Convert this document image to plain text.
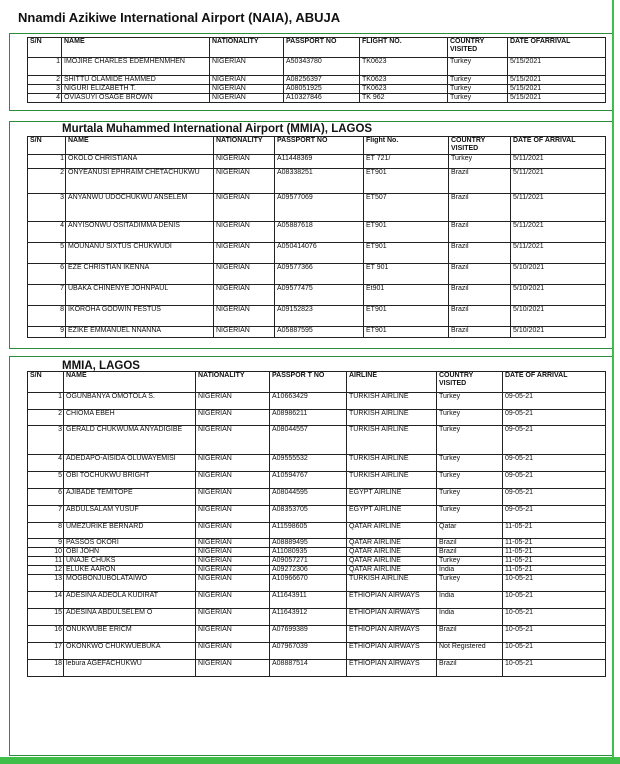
Nnamdi Azikiwe International Airport (NAIA), ABUJA
Murtala Muhammed International Airport (MMIA), LAGOS
MMIA, LAGOS
S/N	NAME	NATIONALITY	PASSPORT NO	FLIGHT NO.	COUNTRY VISITED	DATE OFARRIVAL
1	IMOJIRE CHARLES EDEMHENMHEN	NIGERIAN	A50343780	TK0623	Turkey	5/15/2021
2	SHITTU OLAMIDE HAMMED	NIGERIAN	A08256397	TK0623	Turkey	5/15/2021
3	NIGURI ELIZABETH T.	NIGERIAN	A08051925	TK0623	Turkey	5/15/2021
4	OVIASUYI OSAGE BROWN	NIGERIAN	A10327846	TK 962	Turkey	5/15/2021
S/N	NAME	NATIONALITY	PASSPORT NO	Flight No.	COUNTRY VISITED	DATE OF ARRIVAL
1	OKOLO CHRISTIANA	NIGERIAN	A11448369	ET 721/	Turkey	5/11/2021
2	ONYEANUSI EPHRAIM CHETACHUKWU	NIGERIAN	A08338251	ET901	Brazil	5/11/2021
3	ANYANWU UDOCHUKWU ANSELEM	NIGERIAN	A09577069	ET507	Brazil	5/11/2021
4	ANYISONWU OSITADIMMA DENIS	NIGERIAN	A05887618	ET901	Brazil	5/11/2021
5	MOUNANU SIXTUS CHUKWUDI	NIGERIAN	A050414076	ET901	Brazil	5/11/2021
6	EZE CHRISTIAN IKENNA	NIGERIAN	A09577366	ET 901	Brazil	5/10/2021
7	UBAKA CHINENYE JOHNPAUL	NIGERIAN	A09577475	Et901	Brazil	5/10/2021
8	IKOROHA GODWIN FESTUS	NIGERIAN	A09152823	ET901	Brazil	5/10/2021
9	EZIKE EMMANUEL NNANNA	NIGERIAN	A05887595	ET901	Brazil	5/10/2021
S/N	NAME	NATIONALITY	PASSPOR T NO	AIRLINE	COUNTRY VISITED	DATE OF ARRIVAL
1	OGUNBANYA OMOTOLA S.	NIGERIAN	A10663429	TURKISH AIRLINE	Turkey	09-05-21
2	CHIOMA EBEH	NIGERIAN	A08986211	TURKISH AIRLINE	Turkey	09-05-21
3	GERALD CHUKWUMA ANYADIGIBE	NIGERIAN	A08044557	TURKISH AIRLINE	Turkey	09-05-21
4	ADEDAPO-AISIDA OLUWAYEMISI	NIGERIAN	A09555532	TURKISH AIRLINE	Turkey	09-05-21
5	OBI TOCHUKWU BRIGHT	NIGERIAN	A10594767	TURKISH AIRLINE	Turkey	09-05-21
6	AJIBADE TEMITOPE	NIGERIAN	A08044595	EGYPT AIRLINE	Turkey	09-05-21
7	ABDULSALAM YUSUF	NIGERIAN	A08353705	EGYPT AIRLINE	Turkey	09-05-21
8	UMEZURIKE BERNARD	NIGERIAN	A11598605	QATAR AIRLINE	Qatar	11-05-21
9	PASSOS OKORI	NIGERIAN	A08889495	QATAR AIRLINE	Brazil	11-05-21
10	OBI JOHN	NIGERIAN	A11080935	QATAR AIRLINE	Brazil	11-05-21
11	UNAJE CHUKS	NIGERIAN	A09057271	QATAR AIRLINE	Turkey	11-05-21
12	ELUKE AARON	NIGERIAN	A09272306	QATAR AIRLINE	India	11-05-21
13	MOGBONJUBOLATAIWO	NIGERIAN	A10966670	TURKISH AIRLINE	Turkey	10-05-21
14	ADESINA ADEOLA KUDIRAT	NIGERIAN	A11643911	ETHIOPIAN AIRWAYS	India	10-05-21
15	ADESINA ABDULSELEM O	NIGERIAN	A11643912	ETHIOPIAN AIRWAYS	India	10-05-21
16	ONUKWUBE ERICM	NIGERIAN	A07699389	ETHIOPIAN AIRWAYS	Brazil	10-05-21
17	OKONKWO CHUKWUEBUKA	NIGERIAN	A07967039	ETHIOPIAN AIRWAYS	Not Registered	10-05-21
18	lebura AGEFACHUKWU	NIGERIAN	A08887514	ETHIOPIAN AIRWAYS	Brazil	10-05-21
